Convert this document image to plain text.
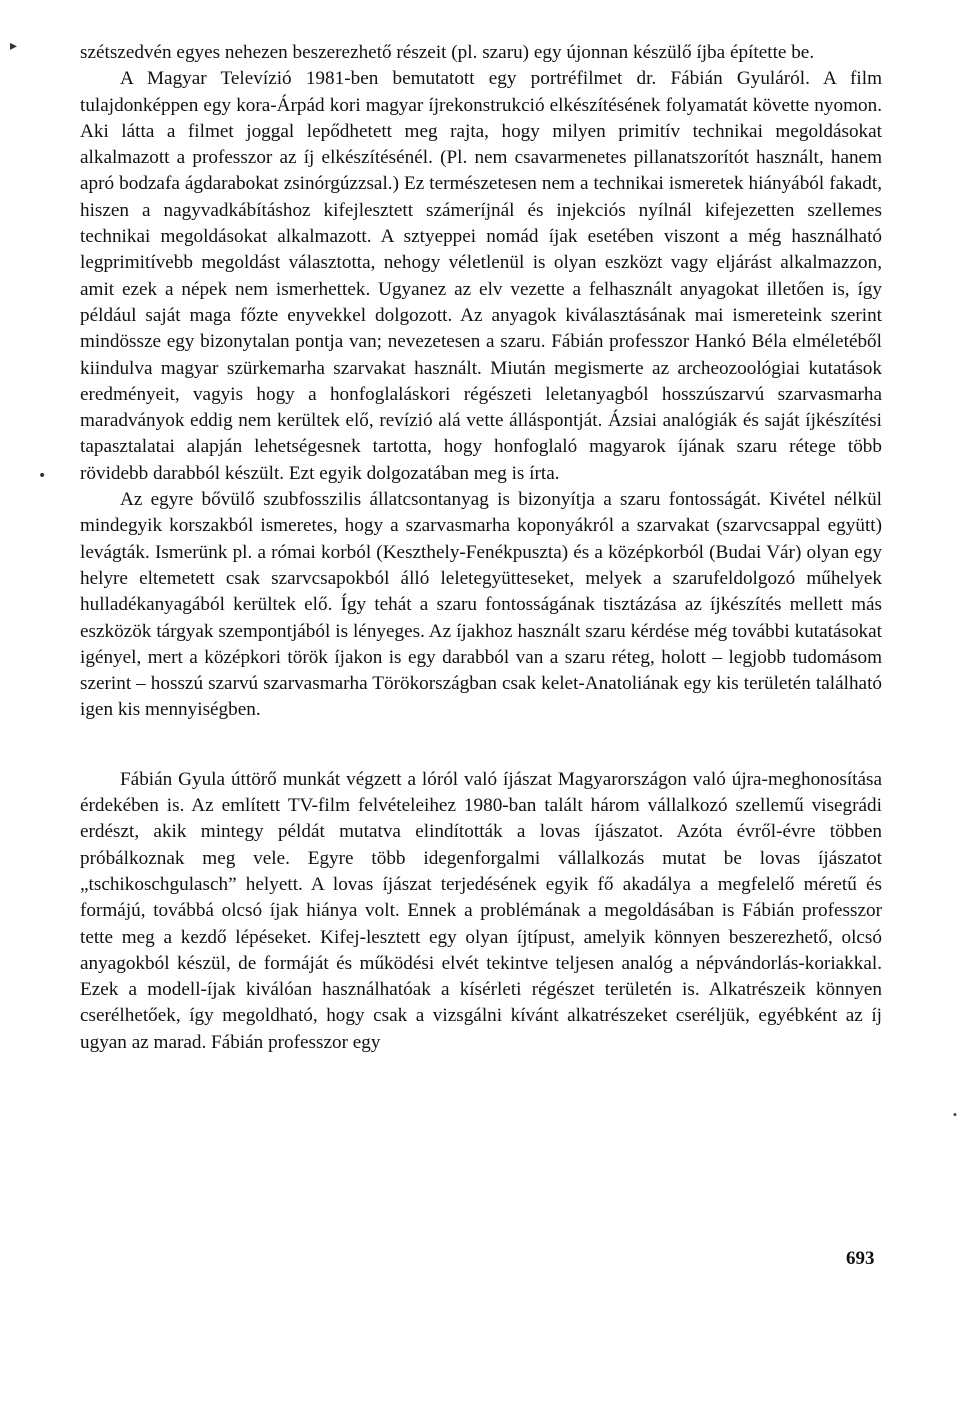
szétszedvén egyes nehezen beszerezhető részeit (pl. szaru) egy újonnan készülő íjba építette be.

A Magyar Televízió 1981-ben bemutatott egy portréfilmet dr. Fábián Gyuláról. A film tulajdonképpen egy kora-Árpád kori magyar íjrekonstrukció elkészítésének folyamatát követte nyomon. Aki látta a filmet joggal lepődhetett meg rajta, hogy milyen primitív technikai megoldásokat alkalmazott a professzor az íj elkészítésénél. (Pl. nem csavarmenetes pillanatszorítót használt, hanem apró bodzafa ágdarabokat zsinórgúzzsal.) Ez természetesen nem a technikai ismeretek hiányából fakadt, hiszen a nagyvadkábításhoz kifejlesztett számeríjnál és injekciós nyílnál kifejezetten szellemes technikai megoldásokat alkalmazott. A sztyeppei nomád íjak esetében viszont a még használható legprimitívebb megoldást választotta, nehogy véletlenül is olyan eszközt vagy eljárást alkalmazzon, amit ezek a népek nem ismerhettek. Ugyanez az elv vezette a felhasznált anyagokat illetően is, így például saját maga főzte enyvekkel dolgozott. Az anyagok kiválasztásának mai ismereteink szerint mindössze egy bizonytalan pontja van; nevezetesen a szaru. Fábián professzor Hankó Béla elméletéből kiindulva magyar szürkemarha szarvakat használt. Miután megismerte az archeozoológiai kutatások eredményeit, vagyis hogy a honfoglaláskori régészeti leletanyagból hosszúszarvú szarvasmarha maradványok eddig nem kerültek elő, revízió alá vette álláspontját. Ázsiai analógiák és saját íjkészítési tapasztalatai alapján lehetségesnek tartotta, hogy honfoglaló magyarok íjának szaru rétege több rövidebb darabból készült. Ezt egyik dolgozatában meg is írta.

Az egyre bővülő szubfosszilis állatcsontanyag is bizonyítja a szaru fontosságát. Kivétel nélkül mindegyik korszakból ismeretes, hogy a szarvasmarha koponyákról a szarvakat (szarvcsappal együtt) levágták. Ismerünk pl. a római korból (Keszthely-Fenékpuszta) és a középkorból (Budai Vár) olyan egy helyre eltemetett csak szarvcsapokból álló leletegyütteseket, melyek a szarufeldolgozó műhelyek hulladékanyagából kerültek elő. Így tehát a szaru fontosságának tisztázása az íjkészítés mellett más eszközök tárgyak szempontjából is lényeges. Az íjakhoz használt szaru kérdése még további kutatásokat igényel, mert a középkori török íjakon is egy darabból van a szaru réteg, holott – legjobb tudomásom szerint – hosszú szarvú szarvasmarha Törökországban csak kelet-Anatoliának egy kis területén található igen kis mennyiségben.

Fábián Gyula úttörő munkát végzett a lóról való íjászat Magyarországon való újra-meghonosítása érdekében is. Az említett TV-film felvételeihez 1980-ban talált három vállalkozó szellemű visegrádi erdészt, akik mintegy példát mutatva elindították a lovas íjászatot. Azóta évről-évre többen próbálkoznak meg vele. Egyre több idegenforgalmi vállalkozás mutat be lovas íjászatot „tschikoschgulasch” helyett. A lovas íjászat terjedésének egyik fő akadálya a megfelelő méretű és formájú, továbbá olcsó íjak hiánya volt. Ennek a problémának a megoldásában is Fábián professzor tette meg a kezdő lépéseket. Kifej-lesztett egy olyan íjtípust, amelyik könnyen beszerezhető, olcsó anyagokból készül, de formáját és működési elvét tekintve teljesen analóg a népvándorlás-koriakkal. Ezek a modell-íjak kiválóan használhatóak a kísérleti régészet területén is. Alkatrészeik könnyen cserélhetőek, így megoldható, hogy csak a vizsgálni kívánt alkatrészeket cseréljük, egyébként az íj ugyan az marad. Fábián professzor egy

693
▸
•
•
